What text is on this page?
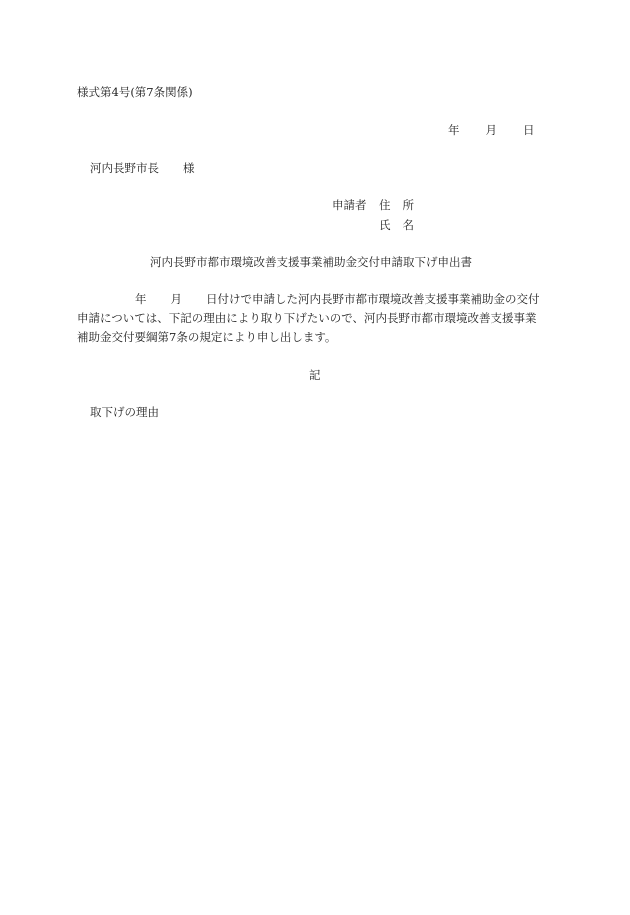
様式第4号(第7条関係)
年 月 日
河内長野市長 様
申請者 住 所
氏 名
河内長野市都市環境改善支援事業補助金交付申請取下げ申出書
年 月 日付けで申請した河内長野市都市環境改善支援事業補助金の交付
申請については、下記の理由により取り下げたいので、河内長野市都市環境改善支援事業
補助金交付要綱第7条の規定により申し出します。
記
取下げの理由
